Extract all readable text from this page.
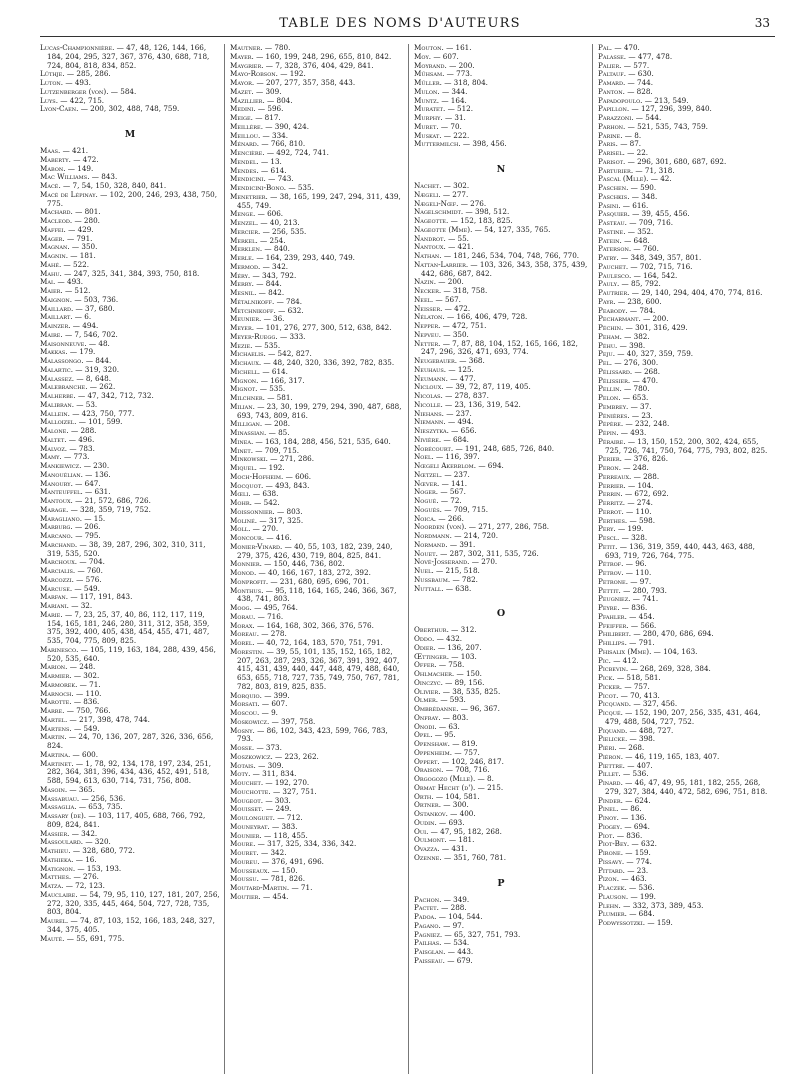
TABLE DES NOMS D'AUTEURS	33

Lucas-Championnière. — 47, 48, 126, 144, 166, 184, 204, 295, 327, 367, 376, 430, 688, 718, 724, 804, 818, 834, 852.

Lüthje. — 285, 286.

Luton. — 493.

Lutzenberger (von). — 584.

Luys. — 422, 715.

Lyon-Caen. — 200, 302, 488, 748, 759.

M

Maas. — 421.

Maberty. — 472.

Mabon. — 149.

Mac Williams. — 843.

Macé. — 7, 54, 150, 328, 840, 841.

Macé de Lépinay. — 102, 200, 246, 293, 438, 750, 775.

Machard. — 801.

Macleod. — 280.

Maffei. — 429.

Mager. — 791.

Magnan. — 350.

Magnin. — 181.

Mahé. — 522.

Mahu. — 247, 325, 341, 384, 393, 750, 818.

Mai. — 493.

Maier. — 512.

Maignon. — 503, 736.

Maillard. — 37, 680.

Maillart. — 6.

Mainzer. — 494.

Maire. — 7, 546, 702.

Maisonneuve. — 48.

Makkas. — 179.

Malassongo. — 844.

Malartic. — 319, 320.

Malassez. — 8, 648.

Malebranche. — 262.

Malherbe. — 47, 342, 712, 732.

Malibran. — 53.

Mallein. — 423, 750, 777.

Malloizel. — 101, 599.

Malone. — 288.

Maltet. — 496.

Malvoz. — 783.

Mamy. — 773.

Mankiewicz. — 230.

Manouélian. — 136.

Manoury. — 647.

Manteuffel. — 631.

Mantoux. — 21, 572, 686, 726.

Marage. — 328, 359, 719, 752.

Maragliano. — 15.

Marburg. — 206.

Marcano. — 795.

Marchand. — 38, 39, 287, 296, 302, 310, 311, 319, 535, 520.

Marchoux. — 704.

Marcialis. — 760.

Marcozzi. — 576.

Marcuse. — 549.

Marfan. — 117, 191, 843.

Mariani. — 32.

Marie. — 7, 23, 25, 37, 40, 86, 112, 117, 119, 154, 165, 181, 246, 280, 311, 312, 358, 359, 375, 392, 400, 405, 438, 454, 455, 471, 487, 535, 704, 775, 809, 825.

Marinesco. — 105, 119, 163, 184, 288, 439, 456, 520, 535, 640.

Marion. — 248.

Marmier. — 302.

Marmorek. — 71.

Marnoch. — 110.

Marotte. — 836.

Marre. — 750, 766.

Martel. — 217, 398, 478, 744.

Martens. — 549.

Martin. — 24, 70, 136, 207, 287, 326, 336, 656, 824.

Martina. — 600.

Martinet. — 1, 78, 92, 134, 178, 197, 234, 251, 282, 364, 381, 396, 434, 436, 452, 491, 518, 588, 594, 613, 630, 714, 731, 756, 808.

Masoin. — 365.

Massabuau. — 256, 536.

Massaglia. — 653, 735.

Massary (de). — 103, 117, 405, 688, 766, 792, 809, 824, 841.

Massier. — 342.

Massoulard. — 320.

Mathieu. — 328, 680, 772.

Mathieka. — 16.

Matignon. — 153, 193.

Matthes. — 276.

Matza. — 72, 123.

Mauclaire. — 54, 79, 95, 110, 127, 181, 207, 256, 272, 320, 335, 445, 464, 504, 727, 728, 735, 803, 804.

Maurel. — 74, 87, 103, 152, 166, 183, 248, 327, 344, 375, 405.

Mauté. — 55, 691, 775.

Mautner. — 780.

Mayer. — 160, 199, 248, 296, 655, 810, 842.

Maygrier. — 7, 328, 376, 404, 429, 841.

Mayo-Robson. — 192.

Mayor. — 207, 277, 357, 358, 443.

Mazet. — 309.

Mazillier. — 804.

Medini. — 596.

Meige. — 817.

Meillère. — 390, 424.

Meillou. — 334.

Ménard. — 766, 810.

Mencière. — 492, 724, 741.

Mendel. — 13.

Mendes. — 614.

Mendicini. — 743.

Mendicini-Bono. — 535.

Menetrier. — 38, 165, 199, 247, 294, 311, 439, 455, 749.

Menge. — 606.

Menzel. — 40, 213.

Mercier. — 256, 535.

Merkel. — 254.

Merklen. — 840.

Merle. — 164, 239, 293, 440, 749.

Mermod. — 342.

Méry. — 343, 792.

Merry. — 844.

Mesnil. — 842.

Métalnikoff. — 784.

Metchnikoff. — 632.

Meunier. — 36.

Meyer. — 101, 276, 277, 300, 512, 638, 842.

Meyer-Ruegg. — 333.

Mezie. — 535.

Michaelis. — 542, 827.

Michaux. — 48, 240, 320, 336, 392, 782, 835.

Michell. — 614.

Mignon. — 166, 317.

Mignot. — 535.

Milchner. — 581.

Milian. — 23, 30, 199, 279, 294, 390, 487, 688, 693, 743, 809, 816.

Milligan. — 208.

Minassian. — 85.

Minea. — 163, 184, 288, 456, 521, 535, 640.

Minet. — 709, 715.

Minkowski. — 271, 286.

Miquel. — 192.

Moch-Hofheim. — 606.

Mocquot. — 493, 843.

Mœli. — 638.

Mohr. — 542.

Moissonnier. — 803.

Moliné. — 317, 325.

Moll. — 270.

Moncour. — 416.

Monier-Vinard. — 40, 55, 103, 182, 239, 240, 279, 375, 426, 430, 719, 804, 825, 841.

Monnier. — 150, 446, 736, 802.

Monod. — 40, 166, 167, 183, 272, 392.

Monprofit. — 231, 680, 695, 696, 701.

Monthus. — 95, 118, 164, 165, 246, 366, 367, 438, 741, 803.

Moog. — 495, 764.

Morau. — 716.

Morax. — 164, 168, 302, 366, 376, 576.

Moreau. — 278.

Morel. — 40, 72, 164, 183, 570, 751, 791.

Morestin. — 39, 55, 101, 135, 152, 165, 182, 207, 263, 287, 293, 326, 367, 391, 392, 407, 415, 431, 439, 440, 447, 448, 479, 488, 640, 653, 655, 718, 727, 735, 749, 750, 767, 781, 782, 803, 819, 825, 835.

Morquio. — 399.

Morsati. — 607.

Moscou. — 9.

Moskowicz. — 397, 758.

Mosny. — 86, 102, 343, 423, 599, 766, 783, 793.

Mosse. — 373.

Moszkowicz. — 223, 262.

Motais. — 309.

Moty. — 311, 834.

Mouchet. — 192, 270.

Mouchotte. — 327, 751.

Mougeot. — 303.

Mouisset. — 249.

Moulonguet. — 712.

Mouneyrat. — 383.

Mounier. — 118, 455.

Moure. — 317, 325, 334, 336, 342.

Mouret. — 342.

Moureu. — 376, 491, 696.

Mousseaux. — 150.

Moussu. — 781, 826.

Moutard-Martin. — 71.

Moutier. — 454.

Mouton. — 161.

Moy. — 607.

Moyrand. — 200.

Mühsam. — 773.

Müller. — 318, 804.

Mulon. — 344.

Muntz. — 164.

Muratet. — 512.

Murphy. — 31.

Muret. — 70.

Muskat. — 222.

Muttermilch. — 398, 456.

N

Nachet. — 302.

Nægeli. — 277.

Nægeli-Nœf. — 276.

Nagelschmidt. — 398, 512.

Nageotte. — 152, 183, 825.

Nageotte (Mme). — 54, 127, 335, 765.

Nandrot. — 55.

Nantoux. — 421.

Nathan. — 181, 246, 534, 704, 748, 766, 770.

Nattan-Larrier. — 103, 326, 343, 358, 375, 439, 442, 686, 687, 842.

Nazin. — 200.

Necker. — 318, 758.

Neel. — 567.

Neisser. — 472.

Nélaton. — 166, 406, 479, 728.

Nepper. — 472, 751.

Nepveu. — 350.

Netter. — 7, 87, 88, 104, 152, 165, 166, 182, 247, 296, 326, 471, 693, 774.

Neugebauer. — 368.

Neuhaus. — 125.

Neumann. — 477.

Nicloux. — 39, 72, 87, 119, 405.

Nicolas. — 278, 837.

Nicolle. — 23, 136, 319, 542.

Niehans. — 237.

Niemann. — 494.

Nieszytka. — 656.

Nivière. — 684.

Nobécourt. — 191, 248, 685, 726, 840.

Noel. — 116, 397.

Nœgeli Akerblom. — 694.

Nœtzel. — 237.

Nœver. — 141.

Noger. — 567.

Nogué. — 72.

Nogués. — 709, 715.

Noica. — 266.

Noorden (von). — 271, 277, 286, 758.

Nordmann. — 214, 720.

Normand. — 391.

Nouet. — 287, 302, 311, 535, 726.

Nové-Josserand. — 270.

Nuel. — 215, 518.

Nussbaum. — 782.

Nuttall. — 638.

O

Oberthur. — 312.

Oddo. — 432.

Odier. — 136, 207.

Œttinger. — 103.

Offer. — 758.

Ohlmacher. — 150.

Oinczyc. — 89, 156.

Olivier. — 38, 535, 825.

Olmer. — 593.

Ombrédanne. — 96, 367.

Onfray. — 803.

Onodi. — 63.

Opel. — 95.

Openshaw. — 819.

Oppenheim. — 757.

Oppert. — 102, 246, 817.

Oraison. — 708, 716.

Orgogozo (Mlle). — 8.

Ormat Hecht (d'). — 215.

Orth. — 104, 581.

Ortner. — 300.

Ostankov. — 400.

Oudin. — 693.

Oui. — 47, 95, 182, 268.

Oulmont. — 181.

Ovazza. — 431.

Ozenne. — 351, 760, 781.

P

Pachon. — 349.

Pactet. — 288.

Padoa. — 104, 544.

Pagano. — 97.

Pagniez. — 65, 327, 751, 793.

Pailhas. — 534.

Paisglan. — 443.

Paisseau. — 679.

Pal. — 470.

Palasse. — 477, 478.

Palier. — 577.

Paltauf. — 630.

Pamard. — 744.

Panton. — 828.

Papadopoulo. — 213, 549.

Papillon. — 127, 296, 399, 840.

Parazzoni. — 544.

Parhon. — 521, 535, 743, 759.

Parine. — 8.

Paris. — 87.

Parisel. — 22.

Parisot. — 296, 301, 680, 687, 692.

Parturier. — 71, 318.

Pascal (Mlle). — 42.

Paschen. — 590.

Paschkis. — 348.

Pasini. — 616.

Pasquier. — 39, 455, 456.

Pasteau. — 709, 716.

Pastine. — 352.

Patein. — 648.

Paterson. — 760.

Patry. — 348, 349, 357, 801.

Pauchet. — 702, 715, 716.

Paulesco. — 164, 542.

Pauly. — 85, 792.

Pautrier. — 29, 140, 294, 404, 470, 774, 816.

Payr. — 238, 600.

Peabody. — 784.

Pecharmant. — 200.

Péchin. — 301, 316, 429.

Peham. — 382.

Péhu. — 398.

Peju. — 40, 327, 359, 759.

Pel. — 276, 300.

Pélissard. — 268.

Pélissier. — 470.

Pellin. — 780.

Pelon. — 653.

Pembrey. — 37.

Pénières. — 23.

Pépère. — 232, 248.

Pépin. — 493.

Péraire. — 13, 150, 152, 200, 302, 424, 655, 725, 726, 741, 750, 764, 775, 793, 802, 825.

Perier. — 376, 826.

Peron. — 248.

Perreaux. — 288.

Perrier. — 104.

Perrin. — 672, 692.

Perritz. — 274.

Perrot. — 110.

Perthes. — 598.

Pery. — 199.

Pescl. — 328.

Petit. — 136, 319, 359, 440, 443, 463, 488, 693, 719, 726, 764, 775.

Pétrof. — 96.

Petrov. — 110.

Petrone. — 97.

Pettit. — 280, 793.

Peugniez. — 741.

Peyre. — 836.

Pfahler. — 454.

Pfeiffer. — 566.

Philibert. — 280, 470, 686, 694.

Phillips. — 791.

Phisalix (Mme). — 104, 163.

Pic. — 412.

Picbevin. — 268, 269, 328, 384.

Pick. — 518, 581.

Picker. — 757.

Picot. — 70, 413.

Picquand. — 327, 456.

Picqué. — 152, 190, 207, 256, 335, 431, 464, 479, 488, 504, 727, 752.

Piquand. — 488, 727.

Pielicke. — 398.

Piéri. — 268.

Piéron. — 46, 119, 165, 183, 407.

Piettre. — 407.

Pillet. — 536.

Pinard. — 46, 47, 49, 95, 181, 182, 255, 268, 279, 327, 384, 440, 472, 582, 696, 751, 818.

Pinder. — 624.

Pinel. — 86.

Pinoy. — 136.

Piogey. — 694.

Piot. — 836.

Piot-Bey. — 632.

Pirone. — 159.

Pissavy. — 774.

Pittard. — 23.

Pizon. — 463.

Placzek. — 536.

Plauson. — 199.

Plehn. — 332, 373, 389, 453.

Plumier. — 684.

Podwyssotzki. — 159.
